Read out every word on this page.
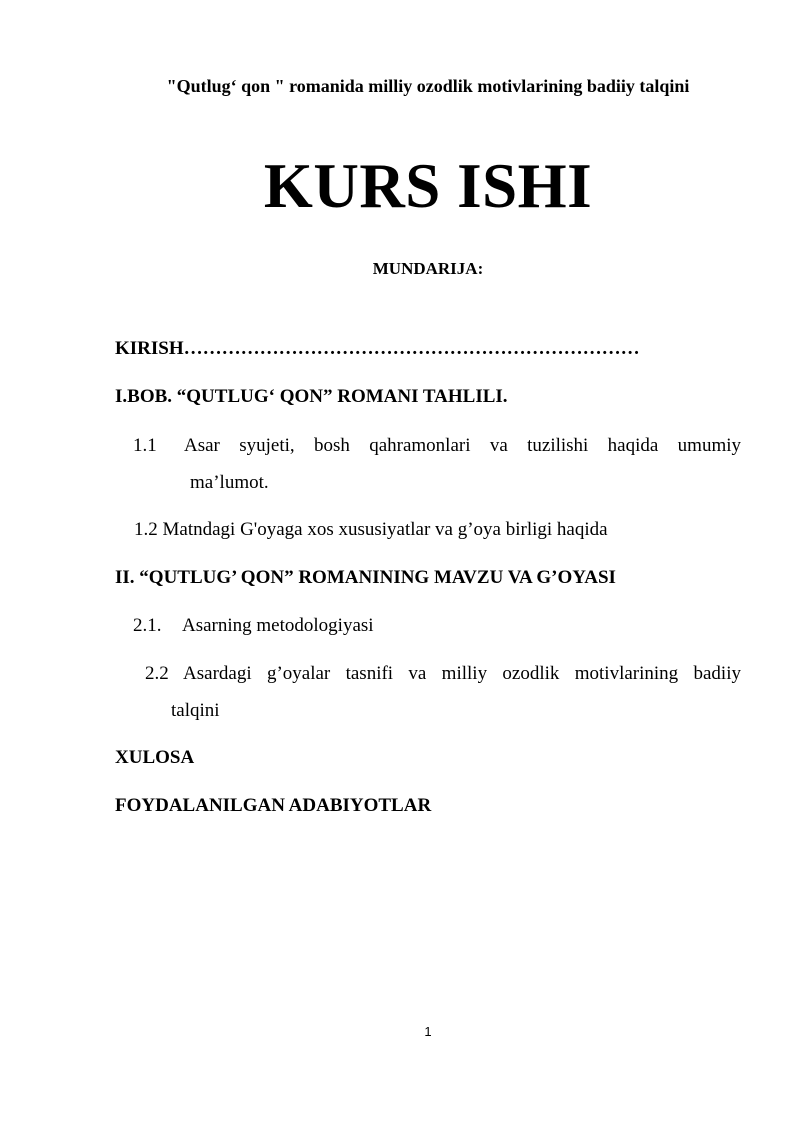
"Qutlug‘ qon " romanida milliy ozodlik motivlarining badiiy talqini
KURS ISHI
MUNDARIJA:
KIRISH………………………………………………………………
I.BOB. “QUTLUG‘ QON” ROMANI TAHLILI.
1.1 Asar syujeti, bosh qahramonlari va tuzilishi haqida umumiy
ma’lumot.
1.2 Matndagi G'oyaga xos xususiyatlar va g’oya birligi haqida
II. “QUTLUG’ QON” ROMANINING MAVZU VA G’OYASI
2.1. Asarning metodologiyasi
2.2 Asardagi g’oyalar tasnifi va milliy ozodlik motivlarining badiiy
talqini
XULOSA
FOYDALANILGAN ADABIYOTLAR
1
